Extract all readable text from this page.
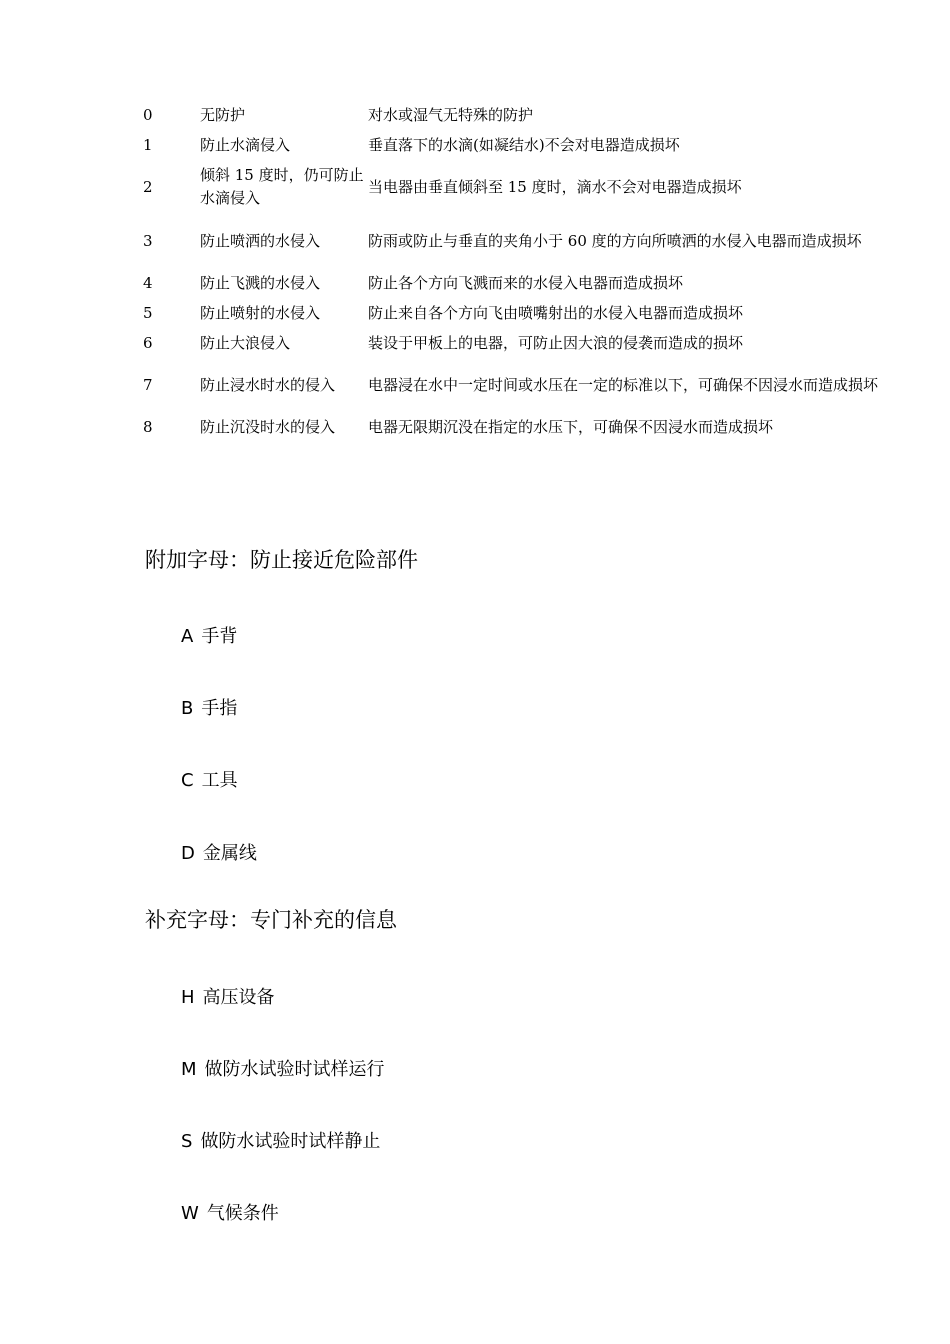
0	无防护	对水或湿气无特殊的防护
1	防止水滴侵入	垂直落下的水滴(如凝结水)不会对电器造成损坏
2	倾斜 15 度时，仍可防止水滴侵入	当电器由垂直倾斜至 15 度时，滴水不会对电器造成损坏
3	防止喷洒的水侵入	防雨或防止与垂直的夹角小于 60 度的方向所喷洒的水侵入电器而造成损坏
4	防止飞溅的水侵入	防止各个方向飞溅而来的水侵入电器而造成损坏
5	防止喷射的水侵入	防止来自各个方向飞由喷嘴射出的水侵入电器而造成损坏
6	防止大浪侵入	装设于甲板上的电器，可防止因大浪的侵袭而造成的损坏
7	防止浸水时水的侵入	电器浸在水中一定时间或水压在一定的标准以下，可确保不因浸水而造成损坏
8	防止沉没时水的侵入	电器无限期沉没在指定的水压下，可确保不因浸水而造成损坏
附加字母：防止接近危险部件
A 手背
B 手指
C 工具
D 金属线
补充字母：专门补充的信息
H 高压设备
M 做防水试验时试样运行
S 做防水试验时试样静止
W 气候条件
